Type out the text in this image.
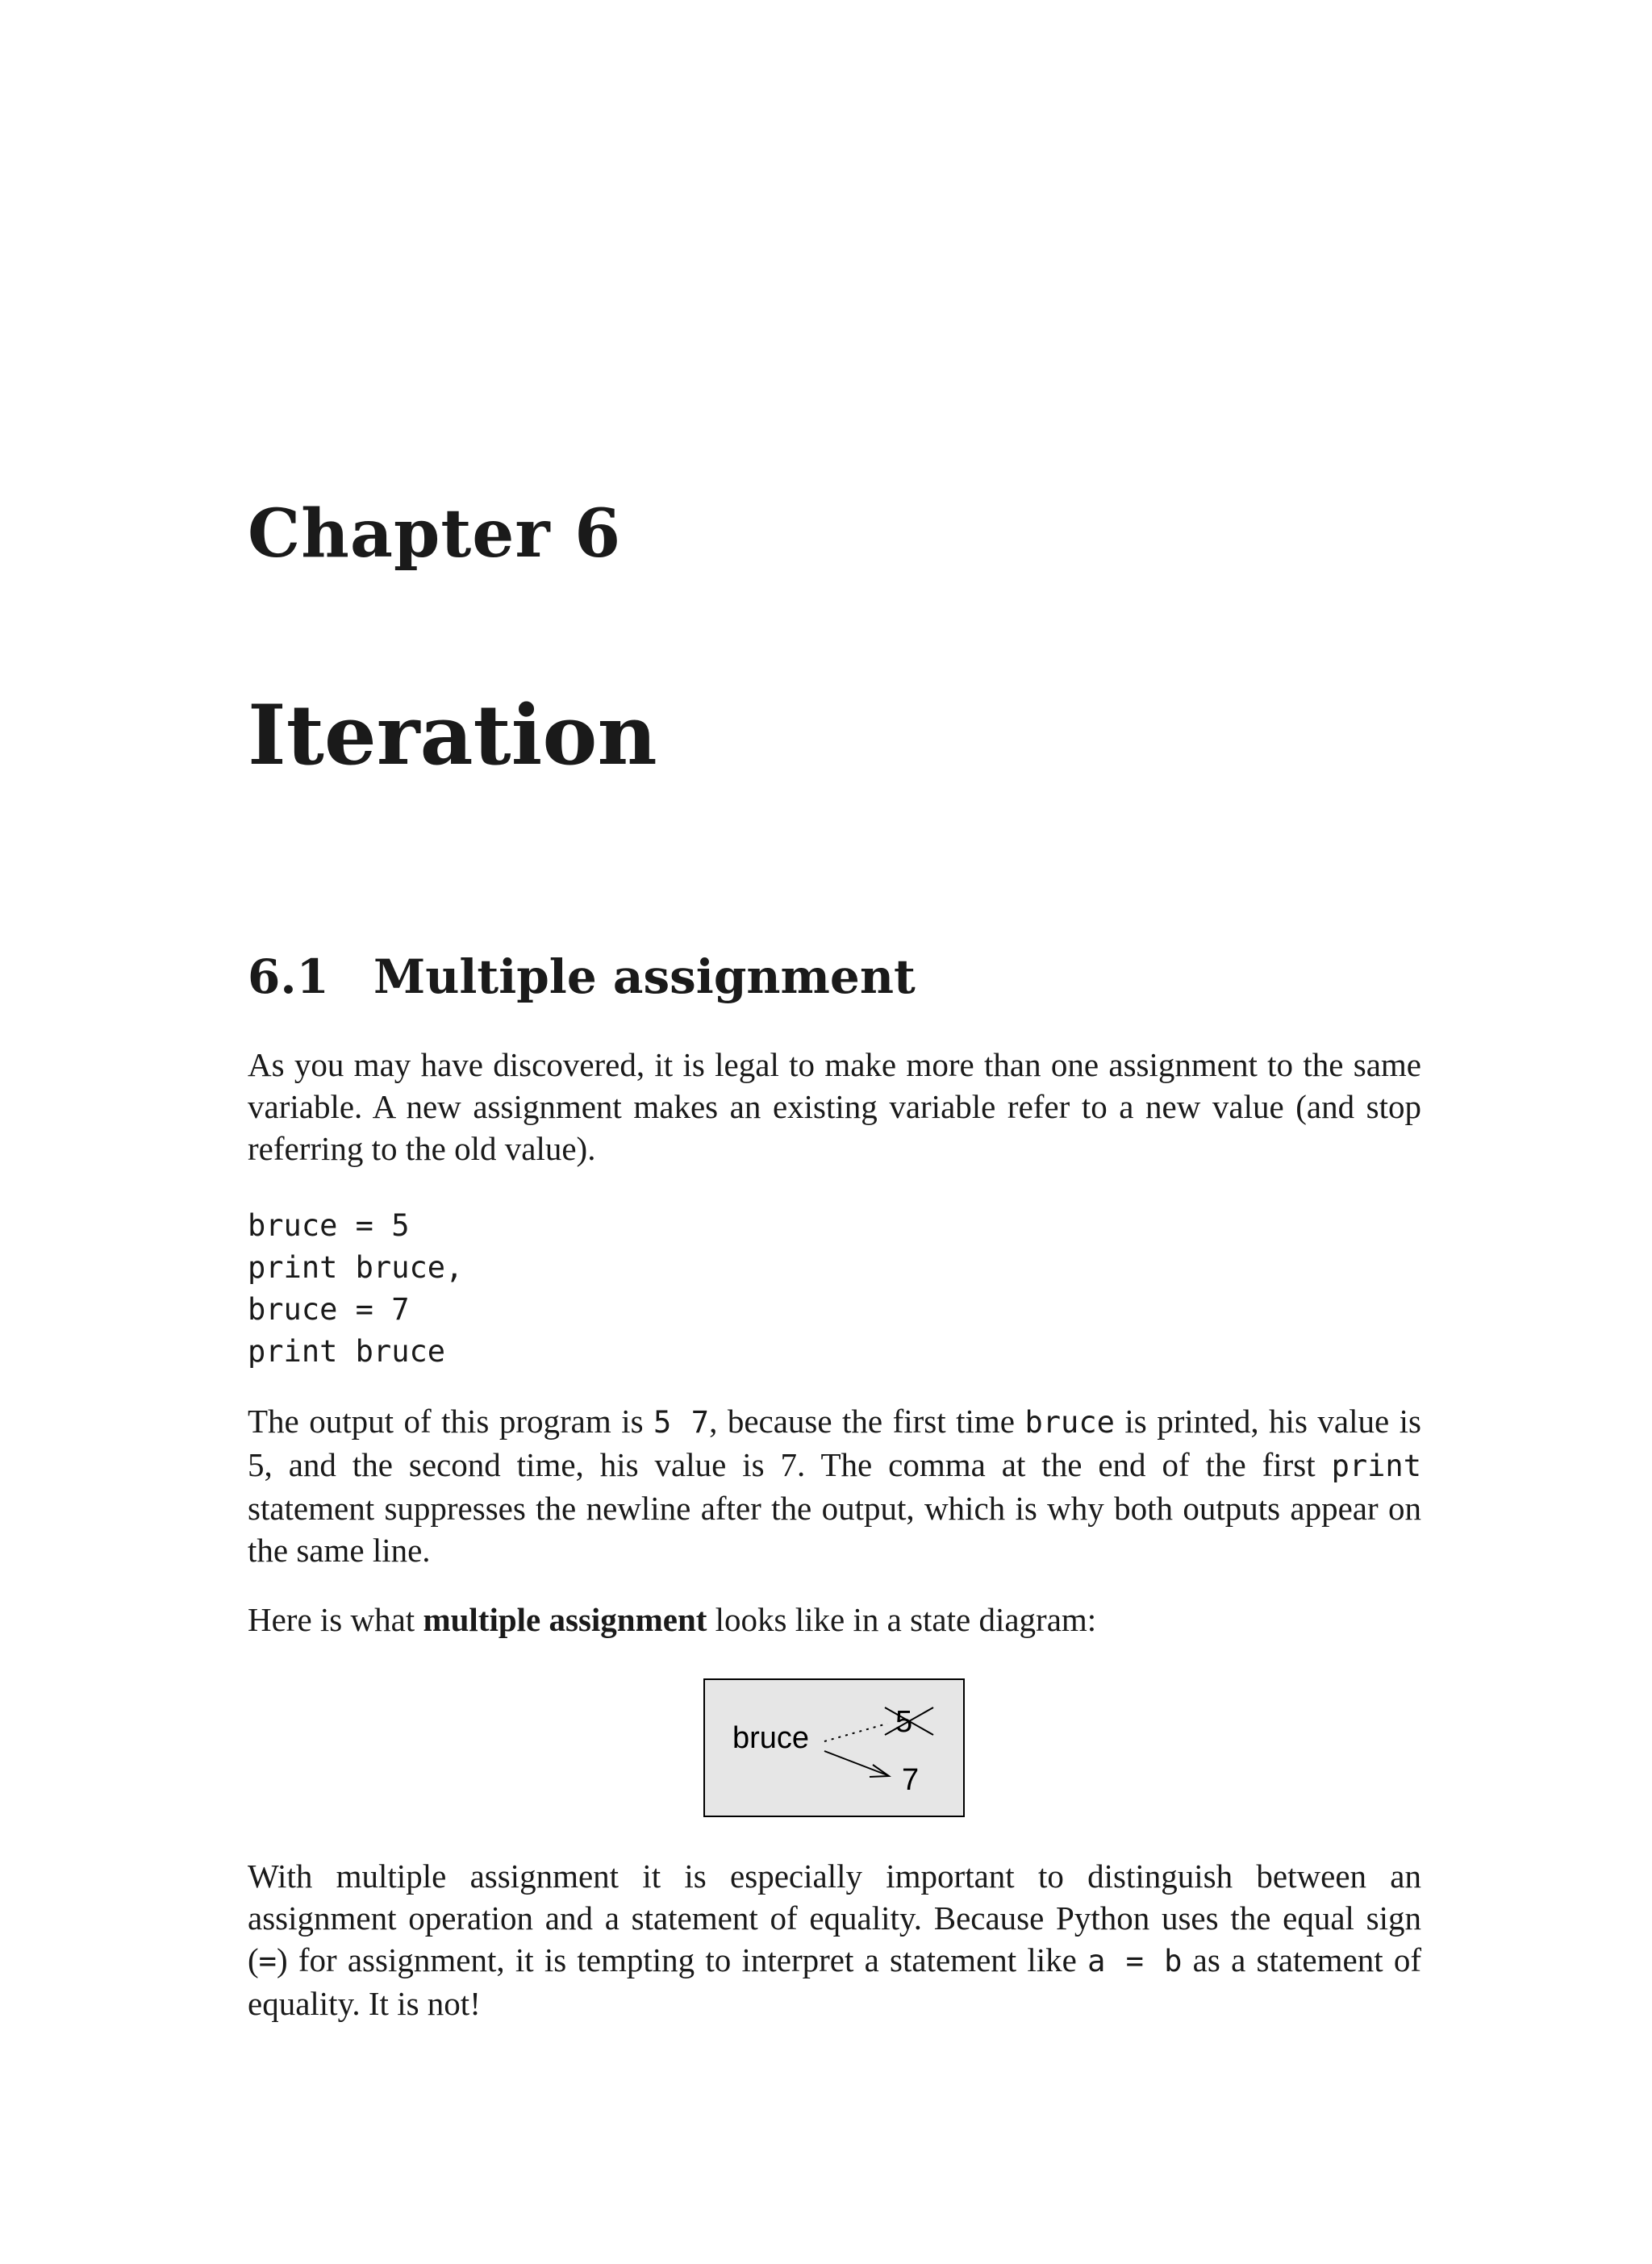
Chapter 6
Iteration
6.1 Multiple assignment

As you may have discovered, it is legal to make more than one assignment to the same variable. A new assignment makes an existing variable refer to a new value (and stop referring to the old value).

bruce = 5
print bruce,
bruce = 7
print bruce

The output of this program is 5 7, because the first time bruce is printed, his value is 5, and the second time, his value is 7. The comma at the end of the first print statement suppresses the newline after the output, which is why both outputs appear on the same line.

Here is what multiple assignment looks like in a state diagram:

bruce	5
7

With multiple assignment it is especially important to distinguish between an assignment operation and a statement of equality. Because Python uses the equal sign (=) for assignment, it is tempting to interpret a statement like a = b as a statement of equality. It is not!
